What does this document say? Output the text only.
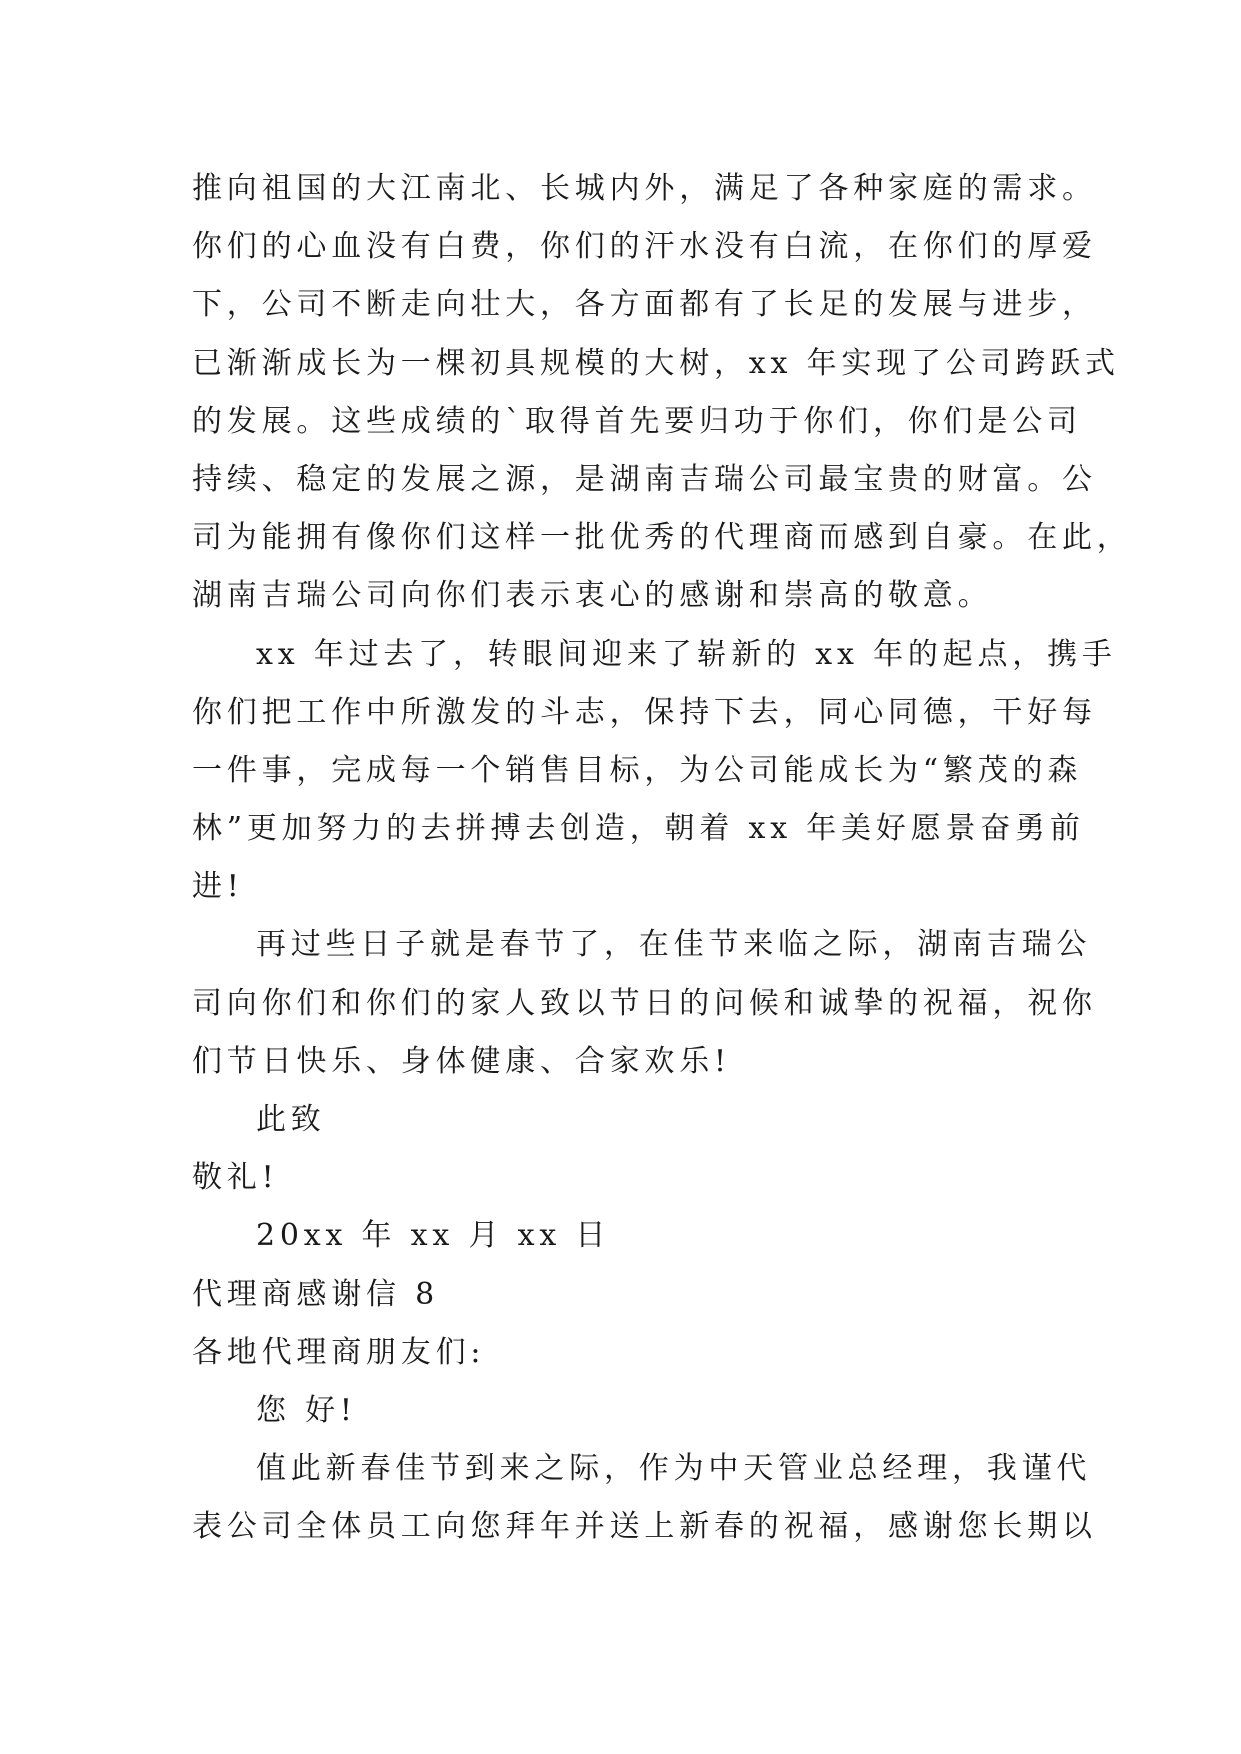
推向祖国的大江南北、长城内外，满足了各种家庭的需求。
你们的心血没有白费，你们的汗水没有白流，在你们的厚爱
下，公司不断走向壮大，各方面都有了长足的发展与进步，
已渐渐成长为一棵初具规模的大树，xx 年实现了公司跨跃式
的发展。这些成绩的`取得首先要归功于你们，你们是公司
持续、稳定的发展之源，是湖南吉瑞公司最宝贵的财富。公
司为能拥有像你们这样一批优秀的代理商而感到自豪。在此，
湖南吉瑞公司向你们表示衷心的感谢和崇高的敬意。
xx 年过去了，转眼间迎来了崭新的 xx 年的起点，携手
你们把工作中所激发的斗志，保持下去，同心同德，干好每
一件事，完成每一个销售目标，为公司能成长为“繁茂的森
林”更加努力的去拼搏去创造，朝着 xx 年美好愿景奋勇前
进!
再过些日子就是春节了，在佳节来临之际，湖南吉瑞公
司向你们和你们的家人致以节日的问候和诚挚的祝福，祝你
们节日快乐、身体健康、合家欢乐!
此致
敬礼!
20xx 年 xx 月 xx 日
代理商感谢信 8
各地代理商朋友们:
您 好!
值此新春佳节到来之际，作为中天管业总经理，我谨代
表公司全体员工向您拜年并送上新春的祝福，感谢您长期以
